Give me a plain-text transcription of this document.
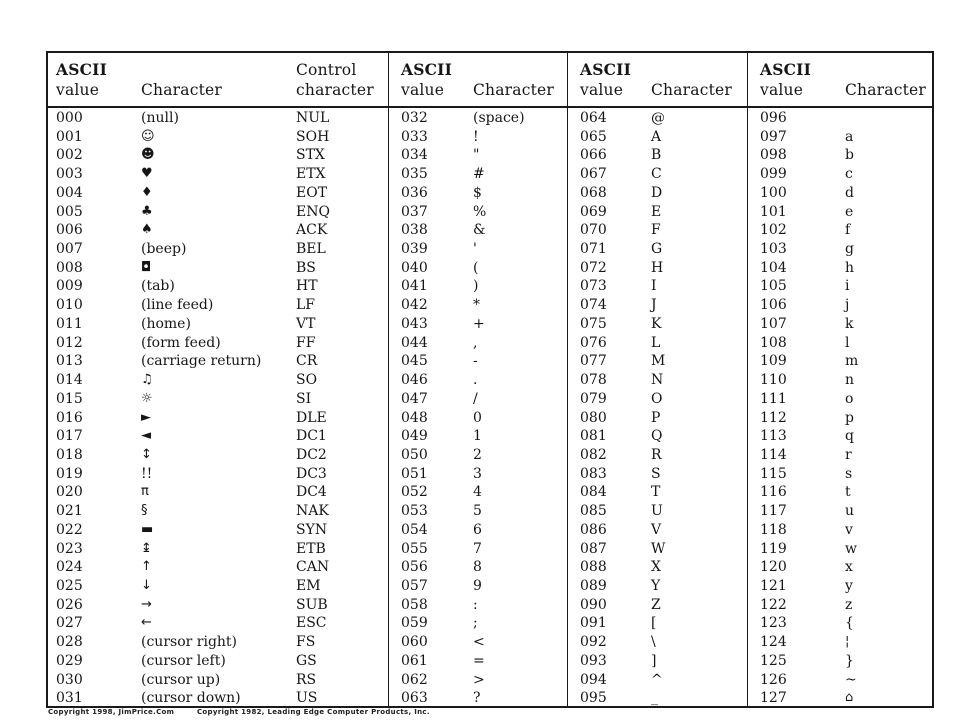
ASCII
value
	Character
Control
character
ASCII
value
	Character
ASCII
value
	Character
ASCII
value
	Character
000	(null)	NUL
001	☺	SOH
002	☻	STX
003	♥	ETX
004	♦	EOT
005	♣	ENQ
006	♠	ACK
007	(beep)	BEL
008	◘	BS
009	(tab)	HT
010	(line feed)	LF
011	(home)	VT
012	(form feed)	FF
013	(carriage return) CR
014	♫	SO
015	☼	SI
016	►	DLE
017	◄	DC1
018	↕	DC2
019	!!	DC3
020	π	DC4
021	§	NAK
022	▬	SYN
023	↨	ETB
024	↑	CAN
025	↓	EM
026	→	SUB
027	←	ESC
028	(cursor right)	FS
029	(cursor left)	GS
030	(cursor up)	RS
031	(cursor down)	US
032	(space)
033	!
034	"
035	#
036	$
037	%
038	&
039	'
040	(
041	)
042	*
043	+
044	,
045	-
046	.
047	/
048	0
049	1
050	2
051	3
052	4
053	5
054	6
055	7
056	8
057	9
058	:
059	;
060	<
061	=
062	>
063	?
064	@
065	A
066	B
067	C
068	D
069	E
070	F
071	G
072	H
073	I
074	J
075	K
076	L
077	M
078	N
079	O
080	P
081	Q
082	R
083	S
084	T
085	U
086	V
087	W
088	X
089	Y
090	Z
091	[
092	\
093	]
094	^
095	_
096
097	a
098	b
099	c
100	d
101	e
102	f
103	g
104	h
105	i
106	j
107	k
108	l
109	m
110	n
111	o
112	p
113	q
114	r
115	s
116	t
117	u
118	v
119	w
120	x
121	y
122	z
123	{
124	¦
125	}
126	~
127	⌂
Copyright 1998, JimPrice.Com	Copyright 1982, Leading Edge Computer Products, Inc.
